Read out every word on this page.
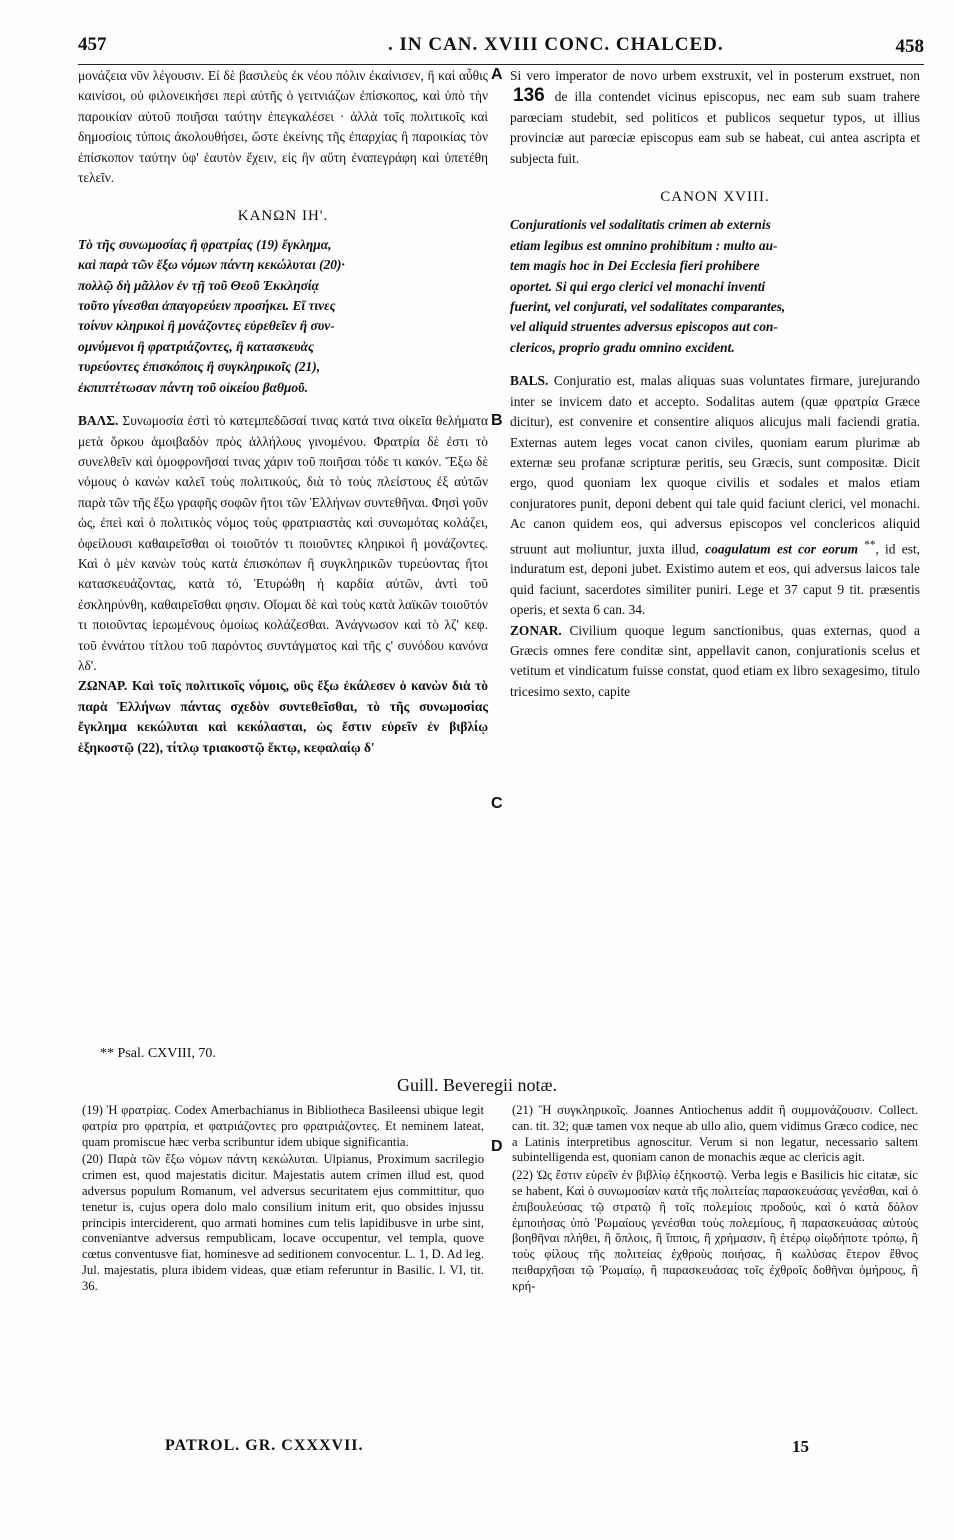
457	. IN CAN. XVIII CONC. CHALCED.	458

μονάζεια νῦν λέγουσιν. Εἰ δὲ βασιλεὺς ἐκ νέου πόλιν ἐκαίνισεν, ἢ καὶ αὖθις καινίσοι, οὐ φιλονεικήσει περὶ αὐτῆς ὁ γειτνιάζων ἐπίσκοπος, καὶ ὑπὸ τὴν παροικίαν αὐτοῦ ποιῆσαι ταύτην ἐπεγκαλέσει · ἀλλὰ τοῖς πολιτικοῖς καὶ δημοσίοις τύποις ἀκολουθήσει, ὥστε ἐκείνης τῆς ἐπαρχίας ἢ παροικίας τὸν ἐπίσκοπον ταύτην ὑφ' ἑαυτὸν ἔχειν, εἰς ἣν αὕτη ἐναπεγράφη καὶ ὑπετέθη τελεῖν.

ΚΑΝΩΝ ΙΗ'.

Τὸ τῆς συνωμοσίας ἢ φρατρίας (19) ἔγκλημα,

καὶ παρὰ τῶν ἔξω νόμων πάντη κεκώλυται (20)·

πολλῷ δὴ μᾶλλον ἐν τῇ τοῦ Θεοῦ Ἐκκλησίᾳ

τοῦτο γίνεσθαι ἀπαγορεύειν προσήκει. Εἴ τινες

τοίνυν κληρικοὶ ἢ μονάζοντες εὑρεθεῖεν ἢ συν-

ομνύμενοι ἢ φρατριάζοντες, ἢ κατασκευὰς

τυρεύοντες ἐπισκόποις ἢ συγκληρικοῖς (21),

ἐκπιπτέτωσαν πάντη τοῦ οἰκείου βαθμοῦ.

ΒΑΛΣ. Συνωμοσία ἐστὶ τὸ κατεμπεδῶσαί τινας κατά τινα οἰκεῖα θελήματα μετὰ ὅρκου ἀμοιβαδὸν πρὸς ἀλλήλους γινομένου. Φρατρία δὲ ἐστι τὸ συνελθεῖν καὶ ὁμοφρονῆσαί τινας χάριν τοῦ ποιῆσαι τόδε τι κακόν. Ἔξω δὲ νόμους ὁ κανὼν καλεῖ τοὺς πολιτικούς, διὰ τὸ τοὺς πλείστους ἐξ αὐτῶν παρὰ τῶν τῆς ἔξω γραφῆς σοφῶν ἤτοι τῶν Ἑλλήνων συντεθῆναι. Φησὶ γοῦν ὡς, ἐπεὶ καὶ ὁ πολιτικὸς νόμος τοὺς φρατριαστὰς καὶ συνωμότας κολάζει, ὀφείλουσι καθαιρεῖσθαι οἱ τοιοῦτόν τι ποιοῦντες κληρικοὶ ἢ μονάζοντες. Καὶ ὁ μὲν κανὼν τοὺς κατὰ ἐπισκόπων ἢ συγκληρικῶν τυρεύοντας ἤτοι κατασκευάζοντας, κατὰ τό, Ἐτυρώθη ἡ καρδία αὐτῶν, ἀντὶ τοῦ ἐσκληρύνθη, καθαιρεῖσθαι φησιν. Οἴομαι δὲ καὶ τοὺς κατὰ λαϊκῶν τοιοῦτόν τι ποιοῦντας ἱερωμένους ὁμοίως κολάζεσθαι. Ἀνάγνωσον καὶ τὸ λζ' κεφ. τοῦ ἐννάτου τίτλου τοῦ παρόντος συντάγματος καὶ τῆς ς' συνόδου κανόνα λδ'.

ΖΩΝΑΡ. Καὶ τοῖς πολιτικοῖς νόμοις, οὓς ἔξω ἐκάλεσεν ὁ κανὼν διὰ τὸ παρὰ Ἑλλήνων πάντας σχεδὸν συντεθεῖσθαι, τὸ τῆς συνωμοσίας ἔγκλημα κεκώλυται καὶ κεκόλασται, ὡς ἔστιν εὑρεῖν ἐν βιβλίῳ ἑξηκοστῷ (22), τίτλῳ τριακοστῷ ἕκτῳ, κεφαλαίῳ δ'

Si vero imperator de novo urbem exstruxit, vel in posterum exstruet, non 136 de illa contendet vicinus episcopus, nec eam sub suam trahere parœciam studebit, sed politicos et publicos sequetur typos, ut illius provinciæ aut parœciæ episcopus eam sub se habeat, cui antea ascripta et subjecta fuit.

CANON XVIII.

Conjurationis vel sodalitatis crimen ab externis

etiam legibus est omnino prohibitum : multo au-

tem magis hoc in Dei Ecclesia fieri prohibere

oportet. Si qui ergo clerici vel monachi inventi

fuerint, vel conjurati, vel sodalitates comparantes,

vel aliquid struentes adversus episcopos aut con-

clericos, proprio gradu omnino excident.

BALS. Conjuratio est, malas aliquas suas voluntates firmare, jurejurando inter se invicem dato et accepto. Sodalitas autem (quæ φρατρία Græce dicitur), est convenire et consentire aliquos alicujus mali faciendi gratia. Externas autem leges vocat canon civiles, quoniam earum plurimæ ab externæ seu profanæ scripturæ peritis, seu Græcis, sunt compositæ. Dicit ergo, quod quoniam lex quoque civilis et sodales et malos etiam conjuratores punit, deponi debent qui tale quid faciunt clerici, vel monachi. Ac canon quidem eos, qui adversus episcopos vel conclericos aliquid struunt aut moliuntur, juxta illud, coagulatum est cor eorum **, id est, induratum est, deponi jubet. Existimo autem et eos, qui adversus laicos tale quid faciunt, sacerdotes similiter puniri. Lege et 37 caput 9 tit. præsentis operis, et sexta 6 can. 34.

ZONAR. Civilium quoque legum sanctionibus, quas externas, quod a Græcis omnes fere conditæ sint, appellavit canon, conjurationis scelus et vetitum et vindicatum fuisse constat, quod etiam ex libro sexagesimo, titulo tricesimo sexto, capite

A
B
C
D
** Psal. CXVIII, 70.
Guill. Beveregii notæ.

(19) Ἡ φρατρίας. Codex Amerbachianus in Bibliotheca Basileensi ubique legit φατρία pro φρατρία, et φατριάζοντες pro φρατριάζοντες. Et neminem lateat, quam promiscue hæc verba scribuntur idem ubique significantia.

(20) Παρὰ τῶν ἔξω νόμων πάντη κεκώλυται. Ulpianus, Proximum sacrilegio crimen est, quod majestatis dicitur. Majestatis autem crimen illud est, quod adversus populum Romanum, vel adversus securitatem ejus committitur, quo tenetur is, cujus opera dolo malo consilium initum erit, quo obsides injussu principis interciderent, quo armati homines cum telis lapidibusve in urbe sint, conveniantve adversus rempublicam, locave occupentur, vel templa, quove cœtus conventusve fiat, hominesve ad seditionem convocentur. L. 1, D. Ad leg. Jul. majestatis, plura ibidem videas, quæ etiam referuntur in Basilic. l. VI, tit. 36.

(21) Ἢ συγκληρικοῖς. Joannes Antiochenus addit ἢ συμμονάζουσιν. Collect. can. tit. 32; quæ tamen vox neque ab ullo alio, quem vidimus Græco codice, nec a Latinis interpretibus agnoscitur. Verum si non legatur, necessario saltem subintelligenda est, quoniam canon de monachis æque ac clericis agit.

(22) Ὡς ἔστιν εὑρεῖν ἐν βιβλίῳ ἑξηκοστῷ. Verba legis e Basilicis hic citatæ, sic se habent, Καὶ ὁ συνωμοσίαν κατὰ τῆς πολιτείας παρασκευάσας γενέσθαι, καὶ ὁ ἐπιβουλεύσας τῷ στρατῷ ἢ τοῖς πολεμίοις προδούς, καὶ ὁ κατὰ δόλον ἐμποιήσας ὑπὸ Ῥωμαίους γενέσθαι τοὺς πολεμίους, ἢ παρασκευάσας αὐτοὺς βοηθῆναι πλήθει, ἢ ὅπλοις, ἢ ἵπποις, ἢ χρήμασιν, ἢ ἑτέρῳ οἱῳδήποτε τρόπῳ, ἢ τοὺς φίλους τῆς πολιτείας ἐχθροὺς ποιήσας, ἢ κωλύσας ἕτερον ἔθνος πειθαρχῆσαι τῷ Ῥωμαίῳ, ἢ παρασκευάσας τοῖς ἐχθροῖς δοθῆναι ὁμήρους, ἢ κρή-

PATROL. GR. CXXXVII.	15
